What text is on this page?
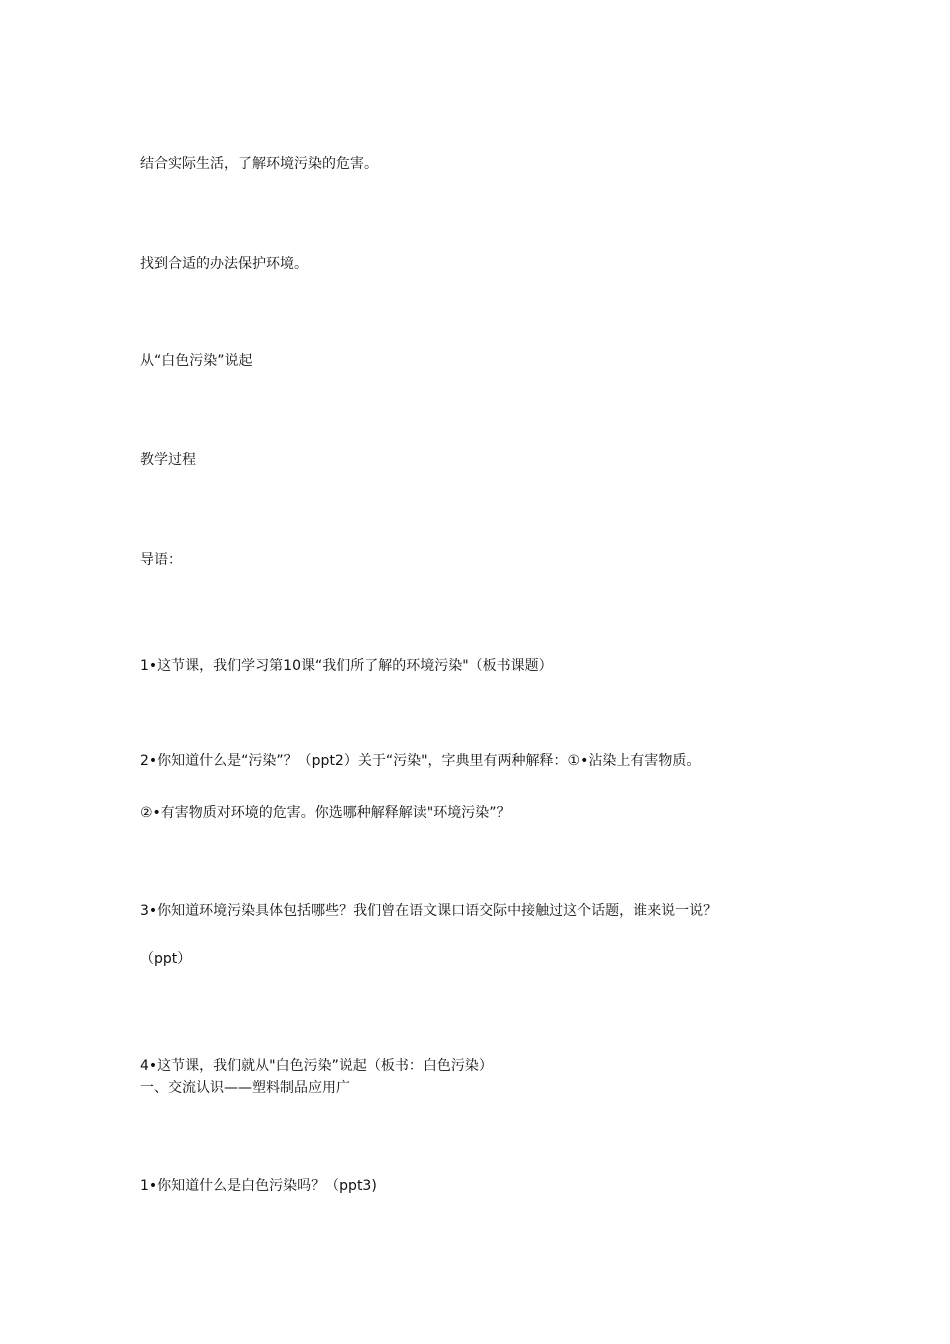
结合实际生活，了解环境污染的危害。
找到合适的办法保护环境。
从“白色污染”说起
教学过程
导语：
1•这节课，我们学习第10课“我们所了解的环境污染"（板书课题）
2•你知道什么是“污染”？（ppt2）关于“污染"，字典里有两种解释：①•沾染上有害物质。
②•有害物质对环境的危害。你选哪种解释解读"环境污染”？
3•你知道环境污染具体包括哪些？我们曾在语文课口语交际中接触过这个话题，谁来说一说？
（ppt）
4•这节课，我们就从"白色污染”说起（板书：白色污染）
一、交流认识——塑料制品应用广
1•你知道什么是白色污染吗？（ppt3)
